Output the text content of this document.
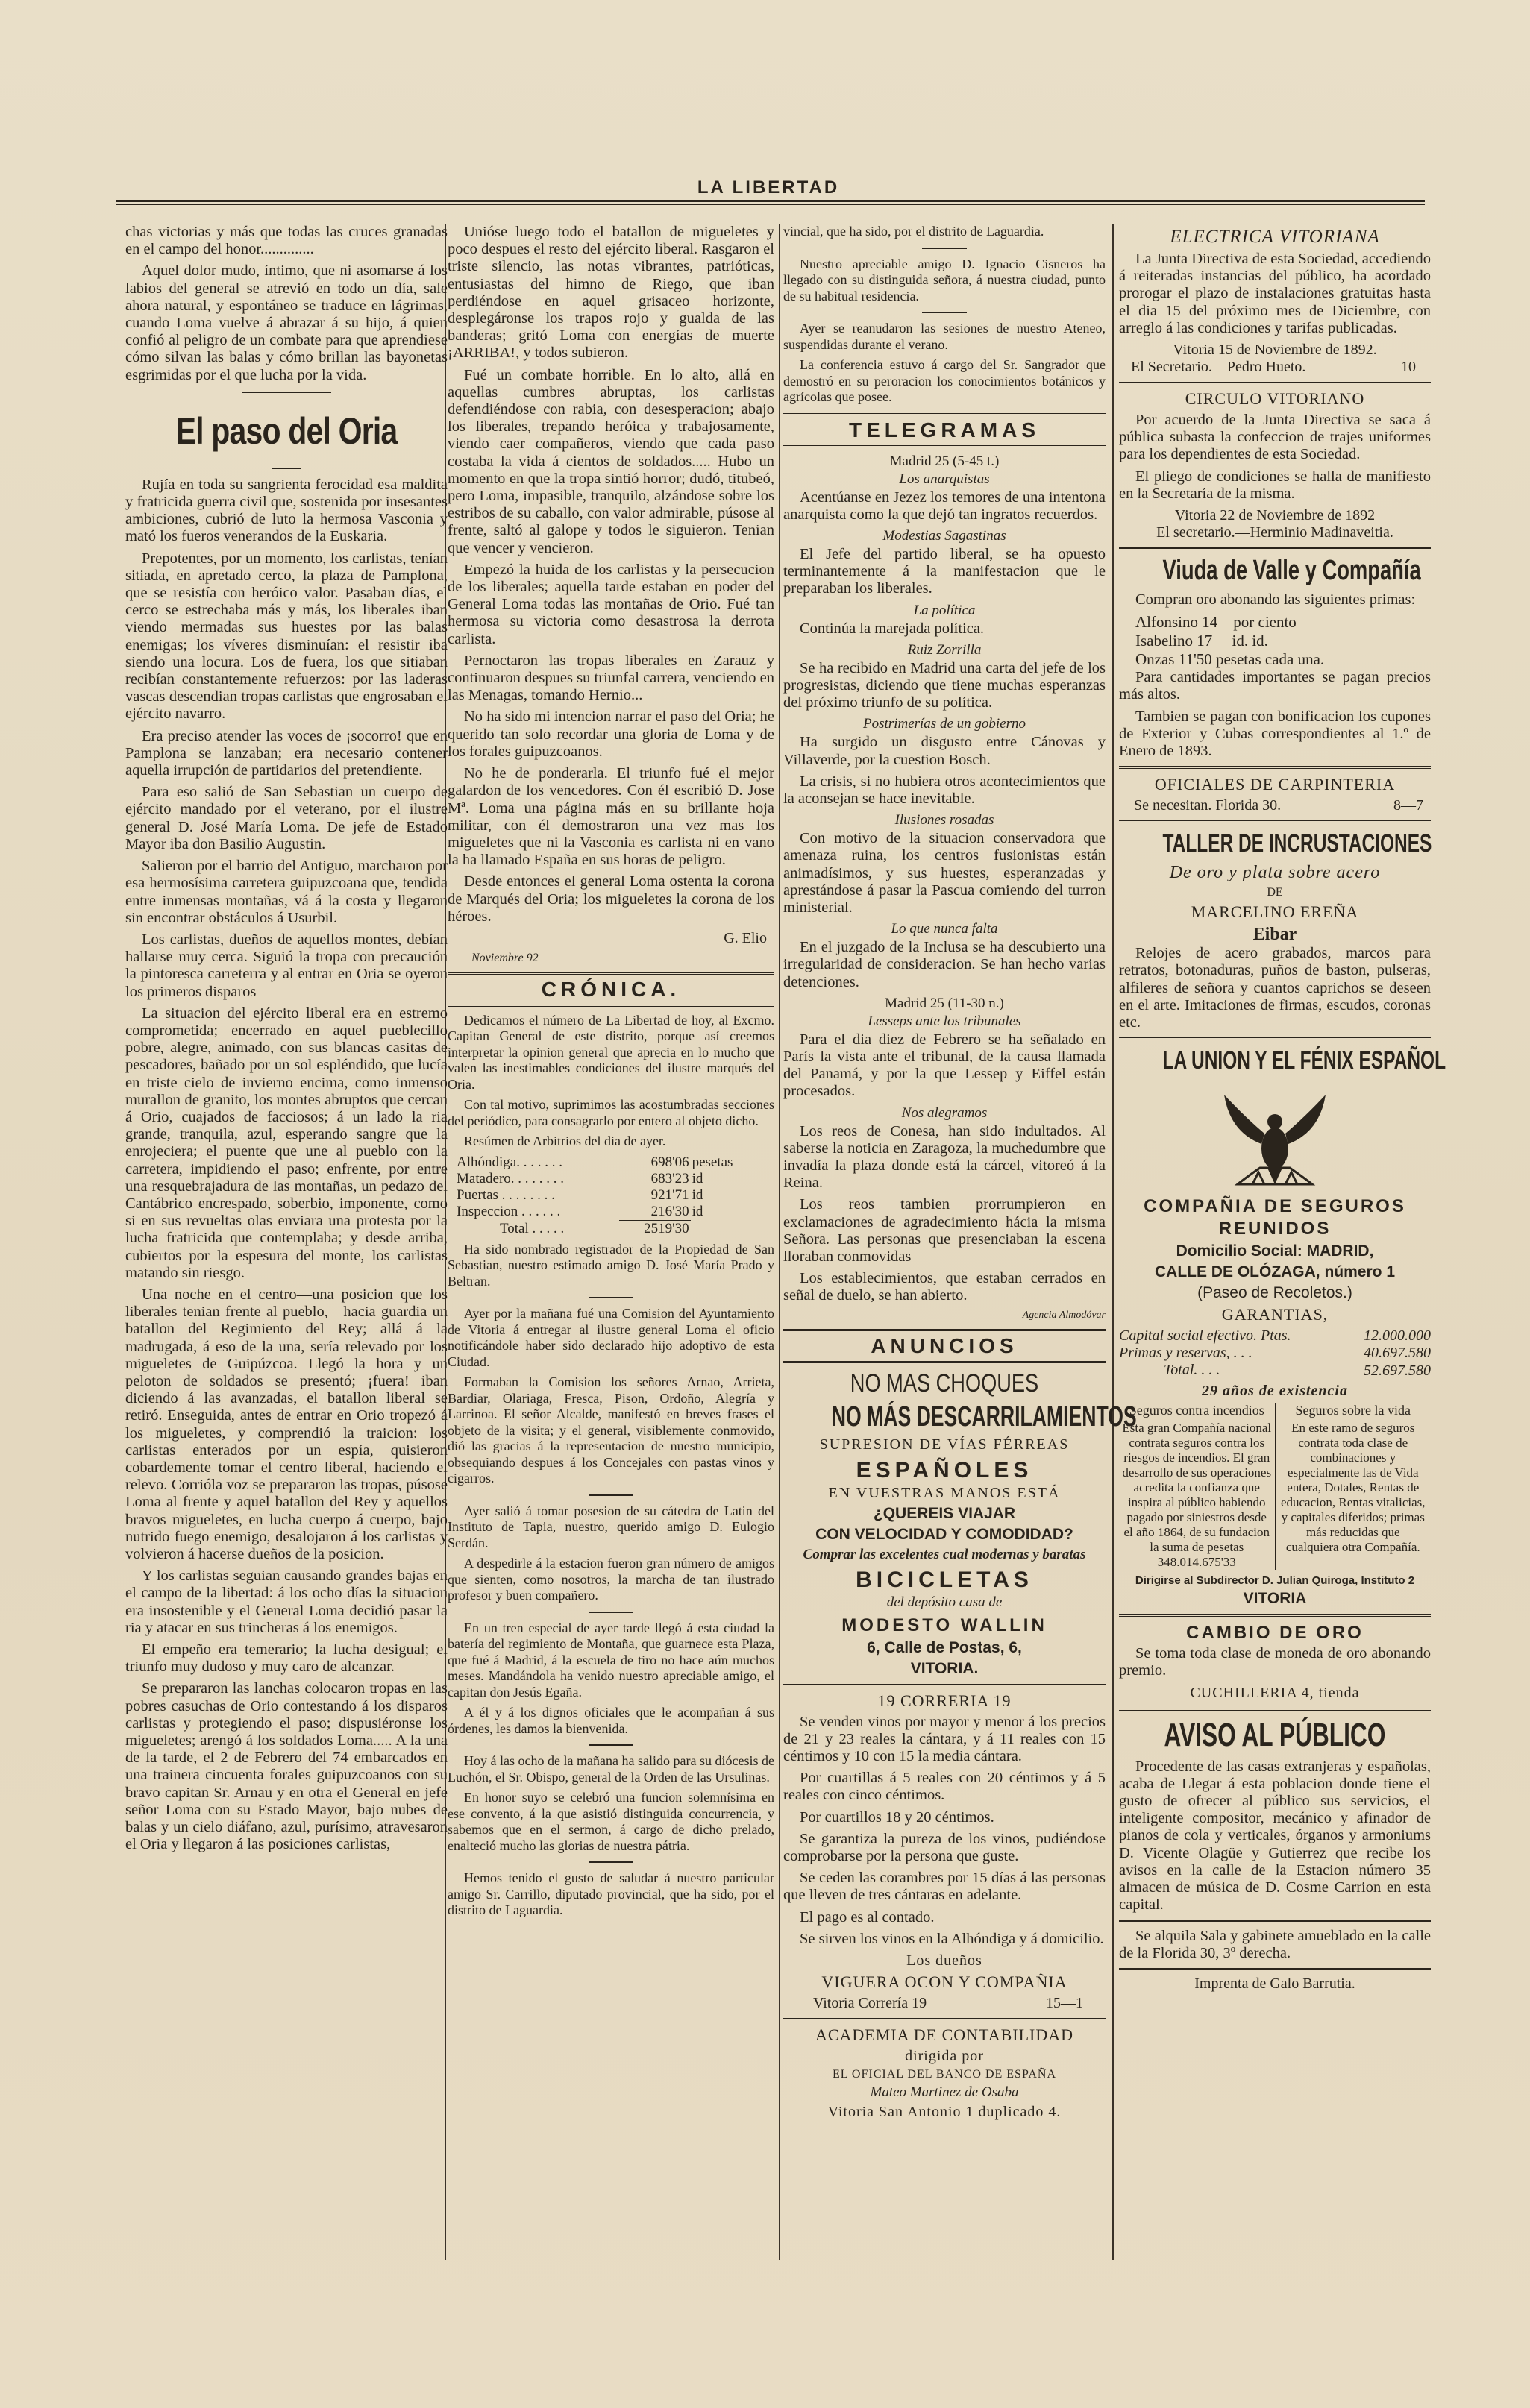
LA LIBERTAD

chas victorias y más que todas las cruces granadas en el campo del honor..............

Aquel dolor mudo, íntimo, que ni asomarse á los labios del general se atrevió en todo un día, sale ahora natural, y espontáneo se traduce en lágrimas, cuando Loma vuelve á abrazar á su hijo, á quien confió al peligro de un combate para que aprendiese cómo silvan las balas y cómo brillan las bayonetas esgrimidas por el que lucha por la vida.

El paso del Oria

Rujía en toda su sangrienta ferocidad esa maldita y fratricida guerra civil que, sostenida por insesantes ambiciones, cubrió de luto la hermosa Vasconia y mató los fueros venerandos de la Euskaria.

Prepotentes, por un momento, los carlistas, tenían sitiada, en apretado cerco, la plaza de Pamplona, que se resistía con heróico valor. Pasaban días, el cerco se estrechaba más y más, los liberales iban viendo mermadas sus huestes por las balas enemigas; los víveres disminuían: el resistir iba siendo una locura. Los de fuera, los que sitiaban recibían constantemente refuerzos: por las laderas vascas descendian tropas carlistas que engrosaban el ejército navarro.

Era preciso atender las voces de ¡socorro! que en Pamplona se lanzaban; era necesario contener aquella irrupción de partidarios del pretendiente.

Para eso salió de San Sebastian un cuerpo de ejército mandado por el veterano, por el ilustre general D. José María Loma. De jefe de Estado Mayor iba don Basilio Augustin.

Salieron por el barrio del Antiguo, marcharon por esa hermosísima carretera guipuzcoana que, tendida entre inmensas montañas, vá á la costa y llegaron sin encontrar obstáculos á Usurbil.

Los carlistas, dueños de aquellos montes, debían hallarse muy cerca. Siguió la tropa con precaución la pintoresca carreterra y al entrar en Oria se oyeron los primeros disparos

La situacion del ejército liberal era en estremo comprometida; encerrado en aquel pueblecillo pobre, alegre, animado, con sus blancas casitas de pescadores, bañado por un sol espléndido, que lucía en triste cielo de invierno encima, como inmenso murallon de granito, los montes abruptos que cercan á Orio, cuajados de facciosos; á un lado la ria grande, tranquila, azul, esperando sangre que la enrojeciera; el puente que une al pueblo con la carretera, impidiendo el paso; enfrente, por entre una resquebrajadura de las montañas, un pedazo del Cantábrico encrespado, soberbio, imponente, como si en sus revueltas olas enviara una protesta por la lucha fratricida que contemplaba; y desde arriba, cubiertos por la espesura del monte, los carlistas matando sin riesgo.

Una noche en el centro—una posicion que los liberales tenian frente al pueblo,—hacia guardia un batallon del Regimiento del Rey; allá á la madrugada, á eso de la una, sería relevado por los migueletes de Guipúzcoa. Llegó la hora y un peloton de soldados se presentó; ¡fuera! iban diciendo á las avanzadas, el batallon liberal se retiró. Enseguida, antes de entrar en Orio tropezó á los migueletes, y comprendió la traicion: los carlistas enterados por un espía, quisieron cobardemente tomar el centro liberal, haciendo el relevo. Corrióla voz se prepararon las tropas, púsose Loma al frente y aquel batallon del Rey y aquellos bravos migueletes, en lucha cuerpo á cuerpo, bajo nutrido fuego enemigo, desalojaron á los carlistas y volvieron á hacerse dueños de la posicion.

Y los carlistas seguian causando grandes bajas en el campo de la libertad: á los ocho días la situacion era insostenible y el General Loma decidió pasar la ria y atacar en sus trincheras á los enemigos.

El empeño era temerario; la lucha desigual; el triunfo muy dudoso y muy caro de alcanzar.

Se prepararon las lanchas colocaron tropas en las pobres casuchas de Orio contestando á los disparos carlistas y protegiendo el paso; dispusiéronse los migueletes; arengó á los soldados Loma..... A la una de la tarde, el 2 de Febrero del 74 embarcados en una trainera cincuenta forales guipuzcoanos con su bravo capitan Sr. Arnau y en otra el General en jefe señor Loma con su Estado Mayor, bajo nubes de balas y un cielo diáfano, azul, purísimo, atravesaron el Oria y llegaron á las posiciones carlistas,

Unióse luego todo el batallon de migueletes y poco despues el resto del ejército liberal. Rasgaron el triste silencio, las notas vibrantes, patrióticas, entusiastas del himno de Riego, que iban perdiéndose en aquel grisaceo horizonte, desplegáronse los trapos rojo y gualda de las banderas; gritó Loma con energías de muerte ¡ARRIBA!, y todos subieron.

Fué un combate horrible. En lo alto, allá en aquellas cumbres abruptas, los carlistas defendiéndose con rabia, con desesperacion; abajo los liberales, trepando heróica y trabajosamente, viendo caer compañeros, viendo que cada paso costaba la vida á cientos de soldados..... Hubo un momento en que la tropa sintió horror; dudó, titubeó, pero Loma, impasible, tranquilo, alzándose sobre los estribos de su caballo, con valor admirable, púsose al frente, saltó al galope y todos le siguieron. Tenian que vencer y vencieron.

Empezó la huida de los carlistas y la persecucion de los liberales; aquella tarde estaban en poder del General Loma todas las montañas de Orio. Fué tan hermosa su victoria como desastrosa la derrota carlista.

Pernoctaron las tropas liberales en Zarauz y continuaron despues su triunfal carrera, venciendo en las Menagas, tomando Hernio...

No ha sido mi intencion narrar el paso del Oria; he querido tan solo recordar una gloria de Loma y de los forales guipuzcoanos.

No he de ponderarla. El triunfo fué el mejor galardon de los vencedores. Con él escribió D. Jose Mª. Loma una página más en su brillante hoja militar, con él demostraron una vez mas los migueletes que ni la Vasconia es carlista ni en vano la ha llamado España en sus horas de peligro.

Desde entonces el general Loma ostenta la corona de Marqués del Oria; los migueletes la corona de los héroes.

G. Elio
Noviembre 92
CRÓNICA.

Dedicamos el número de La Libertad de hoy, al Excmo. Capitan General de este distrito, porque así creemos interpretar la opinion general que aprecia en lo mucho que valen las inestimables condiciones del ilustre marqués del Oria.

Con tal motivo, suprimimos las acostumbradas secciones del periódico, para consagrarlo por entero al objeto dicho.

Resúmen de Arbitrios del dia de ayer.

Alhóndiga. . . . . . .	698'06	pesetas
Matadero. . . . . . . .	683'23	id
Puertas . . . . . . . .	921'71	id
Inspeccion . . . . . .	216'30	id
Total . . . . .	2519'30	

Ha sido nombrado registrador de la Propiedad de San Sebastian, nuestro estimado amigo D. José María Prado y Beltran.

Ayer por la mañana fué una Comision del Ayuntamiento de Vitoria á entregar al ilustre general Loma el oficio notificándole haber sido declarado hijo adoptivo de esta Ciudad.

Formaban la Comision los señores Arnao, Arrieta, Bardiar, Olariaga, Fresca, Pison, Ordoño, Alegría y Larrinoa. El señor Alcalde, manifestó en breves frases el objeto de la visita; y el general, visiblemente conmovido, dió las gracias á la representacion de nuestro municipio, obsequiando despues á los Concejales con pastas vinos y cigarros.

Ayer salió á tomar posesion de su cátedra de Latin del Instituto de Tapia, nuestro, querido amigo D. Eulogio Serdán.

A despedirle á la estacion fueron gran número de amigos que sienten, como nosotros, la marcha de tan ilustrado profesor y buen compañero.

En un tren especial de ayer tarde llegó á esta ciudad la batería del regimiento de Montaña, que guarnece esta Plaza, que fué á Madrid, á la escuela de tiro no hace aún muchos meses. Mandándola ha venido nuestro apreciable amigo, el capitan don Jesús Egaña.

A él y á los dignos oficiales que le acompañan á sus órdenes, les damos la bienvenida.

Hoy á las ocho de la mañana ha salido para su diócesis de Luchón, el Sr. Obispo, general de la Orden de las Ursulinas.

En honor suyo se celebró una funcion solemnísima en ese convento, á la que asistió distinguida concurrencia, y sabemos que en el sermon, á cargo de dicho prelado, enalteció mucho las glorias de nuestra pátria.

Hemos tenido el gusto de saludar á nuestro particular amigo Sr. Carrillo, diputado provincial, que ha sido, por el distrito de Laguardia.

vincial, que ha sido, por el distrito de Laguardia.

Nuestro apreciable amigo D. Ignacio Cisneros ha llegado con su distinguida señora, á nuestra ciudad, punto de su habitual residencia.

Ayer se reanudaron las sesiones de nuestro Ateneo, suspendidas durante el verano.

La conferencia estuvo á cargo del Sr. Sangrador que demostró en su peroracion los conocimientos botánicos y agrícolas que posee.

TELEGRAMAS
Madrid 25 (5-45 t.)
Los anarquistas

Acentúanse en Jezez los temores de una intentona anarquista como la que dejó tan ingratos recuerdos.

Modestias Sagastinas

El Jefe del partido liberal, se ha opuesto terminantemente á la manifestacion que le preparaban los liberales.

La política

Continúa la marejada política.

Ruiz Zorrilla

Se ha recibido en Madrid una carta del jefe de los progresistas, diciendo que tiene muchas esperanzas del próximo triunfo de su política.

Postrimerías de un gobierno

Ha surgido un disgusto entre Cánovas y Villaverde, por la cuestion Bosch.

La crisis, si no hubiera otros acontecimientos que la aconsejan se hace inevitable.

Ilusiones rosadas

Con motivo de la situacion conservadora que amenaza ruina, los centros fusionistas están animadísimos, y sus huestes, esperanzadas y aprestándose á pasar la Pascua comiendo del turron ministerial.

Lo que nunca falta

En el juzgado de la Inclusa se ha descubierto una irregularidad de consideracion. Se han hecho varias detenciones.

Madrid 25 (11-30 n.)
Lesseps ante los tribunales

Para el dia diez de Febrero se ha señalado en París la vista ante el tribunal, de la causa llamada del Panamá, y por la que Lessep y Eiffel están procesados.

Nos alegramos

Los reos de Conesa, han sido indultados. Al saberse la noticia en Zaragoza, la muchedumbre que invadía la plaza donde está la cárcel, vitoreó á la Reina.

Los reos tambien prorrumpieron en exclamaciones de agradecimiento hácia la misma Señora. Las personas que presenciaban la escena lloraban conmovidas

Los establecimientos, que estaban cerrados en señal de duelo, se han abierto.

Agencia Almodóvar
ANUNCIOS
NO MAS CHOQUES
NO MÁS DESCARRILAMIENTOS
SUPRESION DE VÍAS FÉRREAS
ESPAÑOLES
EN VUESTRAS MANOS ESTÁ
¿QUEREIS VIAJAR
CON VELOCIDAD Y COMODIDAD?
Comprar las excelentes cual modernas y baratas
BICICLETAS
del depósito casa de
MODESTO WALLIN
6, Calle de Postas, 6,
VITORIA.
19 CORRERIA 19

Se venden vinos por mayor y menor á los precios de 21 y 23 reales la cántara, y á 11 reales con 15 céntimos y 10 con 15 la media cántara.

Por cuartillas á 5 reales con 20 céntimos y á 5 reales con cinco céntimos.

Por cuartillos 18 y 20 céntimos.

Se garantiza la pureza de los vinos, pudiéndose comprobarse por la persona que guste.

Se ceden las corambres por 15 días á las personas que lleven de tres cántaras en adelante.

El pago es al contado.

Se sirven los vinos en la Alhóndiga y á domicilio.

Los dueños
VIGUERA OCON Y COMPAÑIA
Vitoria Correría 19	15—1
ACADEMIA DE CONTABILIDAD
dirigida por
EL OFICIAL DEL BANCO DE ESPAÑA
Mateo Martinez de Osaba
Vitoria San Antonio 1 duplicado 4.
ELECTRICA VITORIANA

La Junta Directiva de esta Sociedad, accediendo á reiteradas instancias del público, ha acordado prorogar el plazo de instalaciones gratuitas hasta el dia 15 del próximo mes de Diciembre, con arreglo á las condiciones y tarifas publicadas.

Vitoria 15 de Noviembre de 1892.
El Secretario.—Pedro Hueto.	10
CIRCULO VITORIANO

Por acuerdo de la Junta Directiva se saca á pública subasta la confeccion de trajes uniformes para los dependientes de esta Sociedad.

El pliego de condiciones se halla de manifiesto en la Secretaría de la misma.

Vitoria 22 de Noviembre de 1892
El secretario.—Herminio Madinaveitia.
Viuda de Valle y Compañía

Compran oro abonando las siguientes primas:

Alfonsino 14 por ciento
Isabelino 17 id. id.
Onzas 11'50 pesetas cada una.

Para cantidades importantes se pagan precios más altos.

Tambien se pagan con bonificacion los cupones de Exterior y Cubas correspondientes al 1.º de Enero de 1893.

OFICIALES DE CARPINTERIA
Se necesitan. Florida 30.	8—7
TALLER DE INCRUSTACIONES
De oro y plata sobre acero
DE
MARCELINO EREÑA
Eibar

Relojes de acero grabados, marcos para retratos, botonaduras, puños de baston, pulseras, alfileres de señora y cuantos caprichos se deseen en el arte. Imitaciones de firmas, escudos, coronas etc.

LA UNION Y EL FÉNIX ESPAÑOL
COMPAÑIA DE SEGUROS
REUNIDOS
Domicilio Social: MADRID,
CALLE DE OLÓZAGA, número 1
(Paseo de Recoletos.)
GARANTIAS,
Capital social efectivo. Ptas.	12.000.000
Primas y reservas, . . .	40.697.580
Total. . . .	52.697.580
29 años de existencia
Seguros contra incendios
Esta gran Compañía nacional contrata seguros contra los riesgos de incendios. El gran desarrollo de sus operaciones acredita la confianza que inspira al público habiendo pagado por siniestros desde el año 1864, de su fundacion la suma de pesetas 348.014.675'33
Seguros sobre la vida
En este ramo de seguros contrata toda clase de combinaciones y especialmente las de Vida entera, Dotales, Rentas de educacion, Rentas vitalicias, y capitales diferidos; primas más reducidas que cualquiera otra Compañía.
Dirigirse al Subdirector D. Julian Quiroga, Instituto 2
VITORIA
CAMBIO DE ORO

Se toma toda clase de moneda de oro abonando premio.

CUCHILLERIA 4, tienda
AVISO AL PÚBLICO

Procedente de las casas extranjeras y españolas, acaba de Llegar á esta poblacion donde tiene el gusto de ofrecer al público sus servicios, el inteligente compositor, mecánico y afinador de pianos de cola y verticales, órganos y armoniums D. Vicente Olagüe y Gutierrez que recibe los avisos en la calle de la Estacion número 35 almacen de música de D. Cosme Carrion en esta capital.

Se alquila Sala y gabinete amueblado en la calle de la Florida 30, 3º derecha.

Imprenta de Galo Barrutia.
